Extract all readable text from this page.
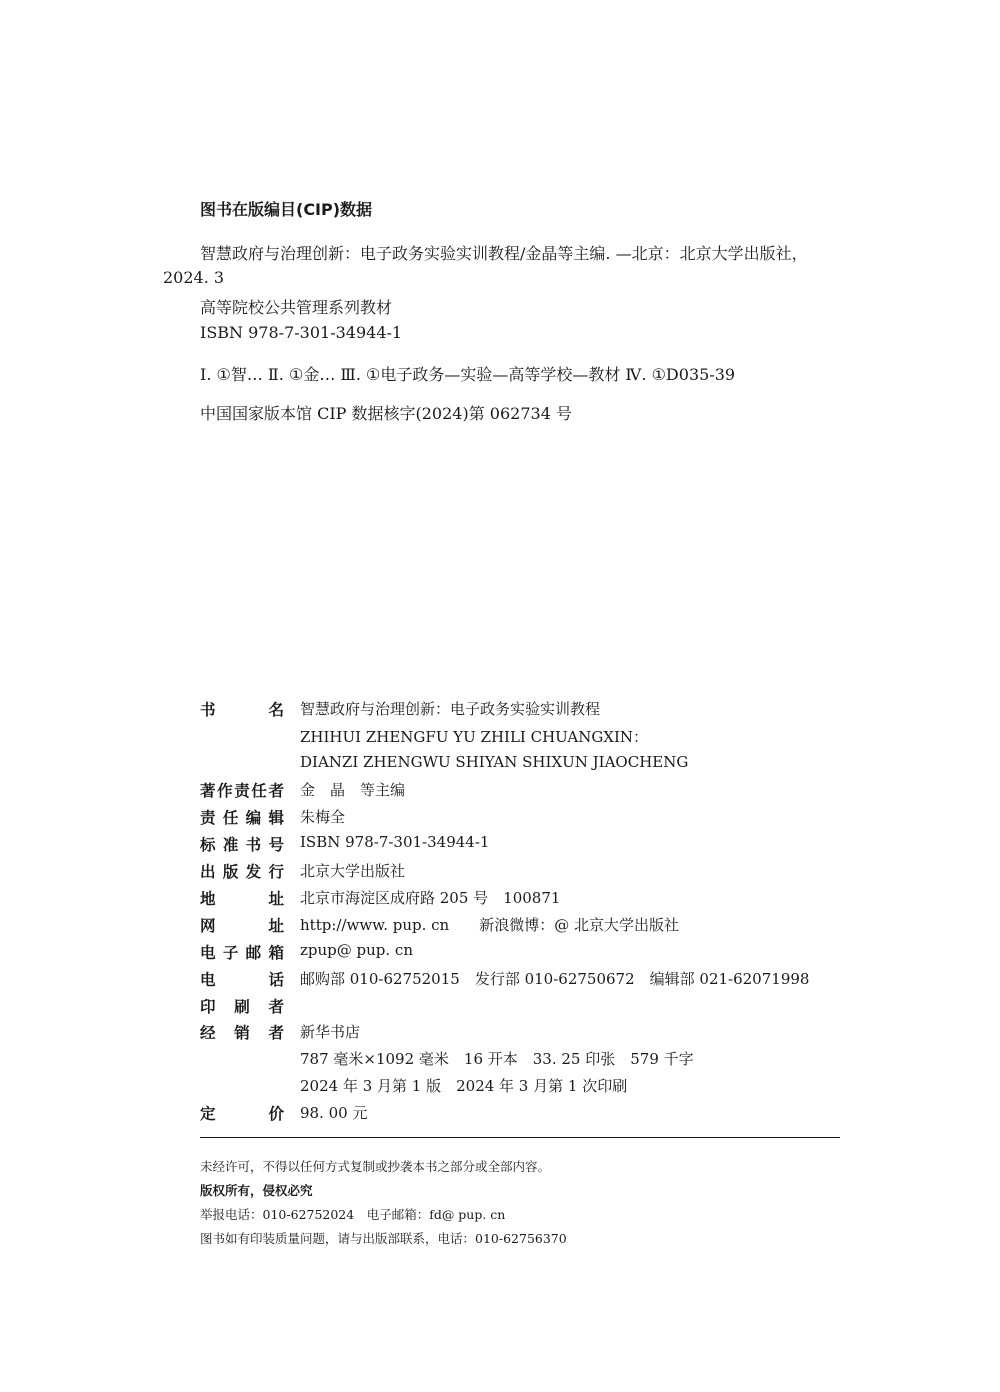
图书在版编目(CIP)数据
智慧政府与治理创新：电子政务实验实训教程/金晶等主编. —北京：北京大学出版社，
2024. 3
高等院校公共管理系列教材
ISBN 978-7-301-34944-1
Ⅰ. ①智… Ⅱ. ①金… Ⅲ. ①电子政务—实验—高等学校—教材 Ⅳ. ①D035-39
中国国家版本馆 CIP 数据核字(2024)第 062734 号
书　　名 智慧政府与治理创新：电子政务实验实训教程
ZHIHUI ZHENGFU YU ZHILI CHUANGXIN：
DIANZI ZHENGWU SHIYAN SHIXUN JIAOCHENG
著作责任者 金　晶　等主编
责任编辑 朱梅全
标准书号 ISBN 978-7-301-34944-1
出版发行 北京大学出版社
地　　址 北京市海淀区成府路 205 号　100871
网　　址 http://www. pup. cn　　新浪微博：@ 北京大学出版社
电子邮箱 zpup@ pup. cn
电　　话 邮购部 010-62752015　发行部 010-62750672　编辑部 021-62071998
印　刷　者
经　销　者 新华书店
787 毫米×1092 毫米　16 开本　33. 25 印张　579 千字
2024 年 3 月第 1 版　2024 年 3 月第 1 次印刷
定　　价 98. 00 元
未经许可，不得以任何方式复制或抄袭本书之部分或全部内容。
版权所有，侵权必究
举报电话：010-62752024　电子邮箱：fd@ pup. cn
图书如有印装质量问题，请与出版部联系，电话：010-62756370
